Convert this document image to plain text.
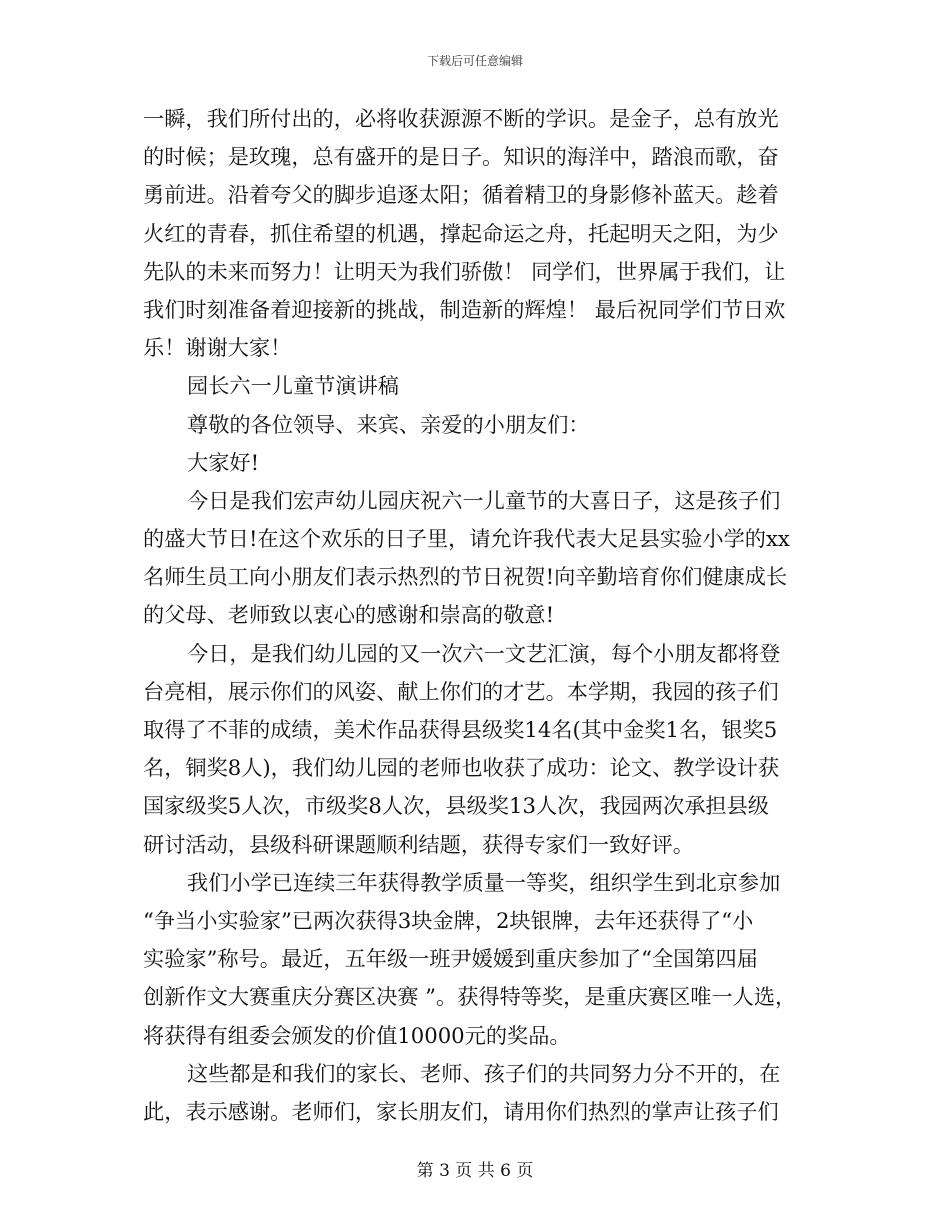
下载后可任意编辑
一瞬，我们所付出的，必将收获源源不断的学识。是金子，总有放光
的时候；是玫瑰，总有盛开的是日子。知识的海洋中，踏浪而歌，奋
勇前进。沿着夸父的脚步追逐太阳；循着精卫的身影修补蓝天。趁着
火红的青春，抓住希望的机遇，撑起命运之舟，托起明天之阳，为少
先队的未来而努力！让明天为我们骄傲！ 同学们，世界属于我们，让
我们时刻准备着迎接新的挑战，制造新的辉煌！ 最后祝同学们节日欢
乐！谢谢大家！
园长六一儿童节演讲稿
尊敬的各位领导、来宾、亲爱的小朋友们：
大家好!
今日是我们宏声幼儿园庆祝六一儿童节的大喜日子，这是孩子们
的盛大节日!在这个欢乐的日子里，请允许我代表大足县实验小学的xx
名师生员工向小朋友们表示热烈的节日祝贺!向辛勤培育你们健康成长
的父母、老师致以衷心的感谢和崇高的敬意!
今日，是我们幼儿园的又一次六一文艺汇演，每个小朋友都将登
台亮相，展示你们的风姿、献上你们的才艺。本学期，我园的孩子们
取得了不菲的成绩，美术作品获得县级奖14名(其中金奖1名，银奖5
名，铜奖8人)，我们幼儿园的老师也收获了成功：论文、教学设计获
国家级奖5人次，市级奖8人次，县级奖13人次，我园两次承担县级
研讨活动，县级科研课题顺利结题，获得专家们一致好评。
我们小学已连续三年获得教学质量一等奖，组织学生到北京参加
“争当小实验家”已两次获得3块金牌，2块银牌，去年还获得了“小
实验家”称号。最近，五年级一班尹媛媛到重庆参加了“全国第四届
创新作文大赛重庆分赛区决赛 ”。获得特等奖，是重庆赛区唯一人选，
将获得有组委会颁发的价值10000元的奖品。
这些都是和我们的家长、老师、孩子们的共同努力分不开的，在
此，表示感谢。老师们，家长朋友们，请用你们热烈的掌声让孩子们
第 3 页 共 6 页
